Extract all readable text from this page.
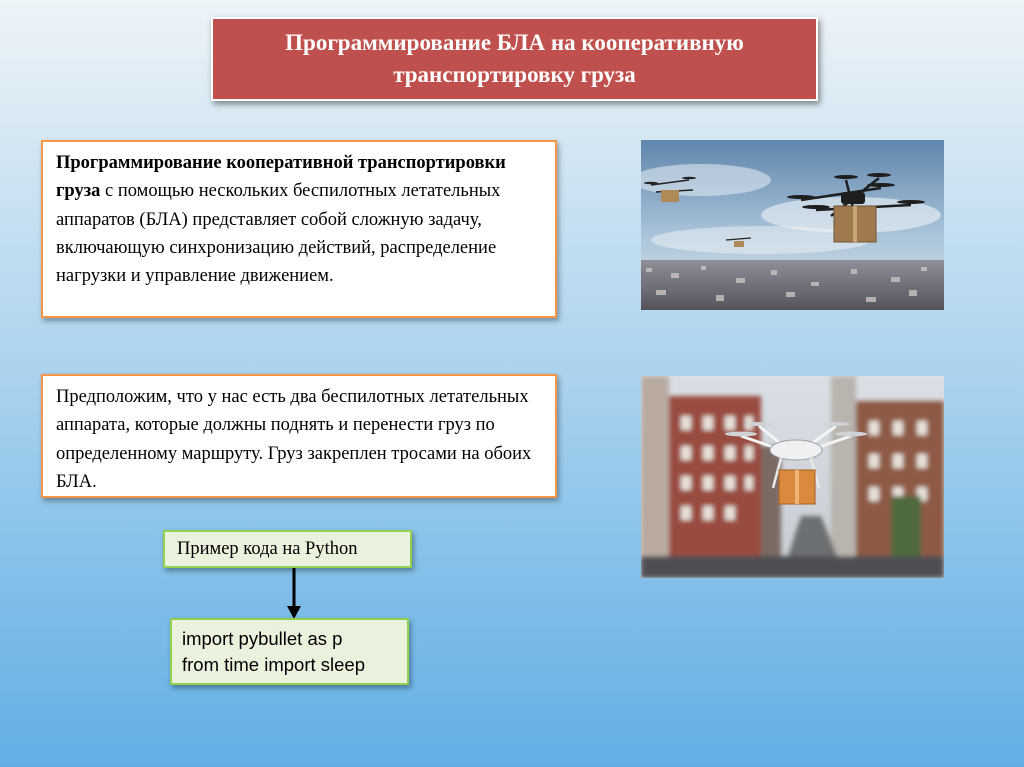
Программирование БЛА на кооперативную транспортировку груза
Программирование кооперативной транспортировки груза с помощью нескольких беспилотных летательных аппаратов (БЛА) представляет собой сложную задачу, включающую синхронизацию действий, распределение нагрузки и управление движением.
Предположим, что у нас есть два беспилотных летательных аппарата, которые должны поднять и перенести груз по определенному маршруту. Груз закреплен тросами на обоих БЛА.
Пример кода на Python
import pybullet as p
from time import sleep
